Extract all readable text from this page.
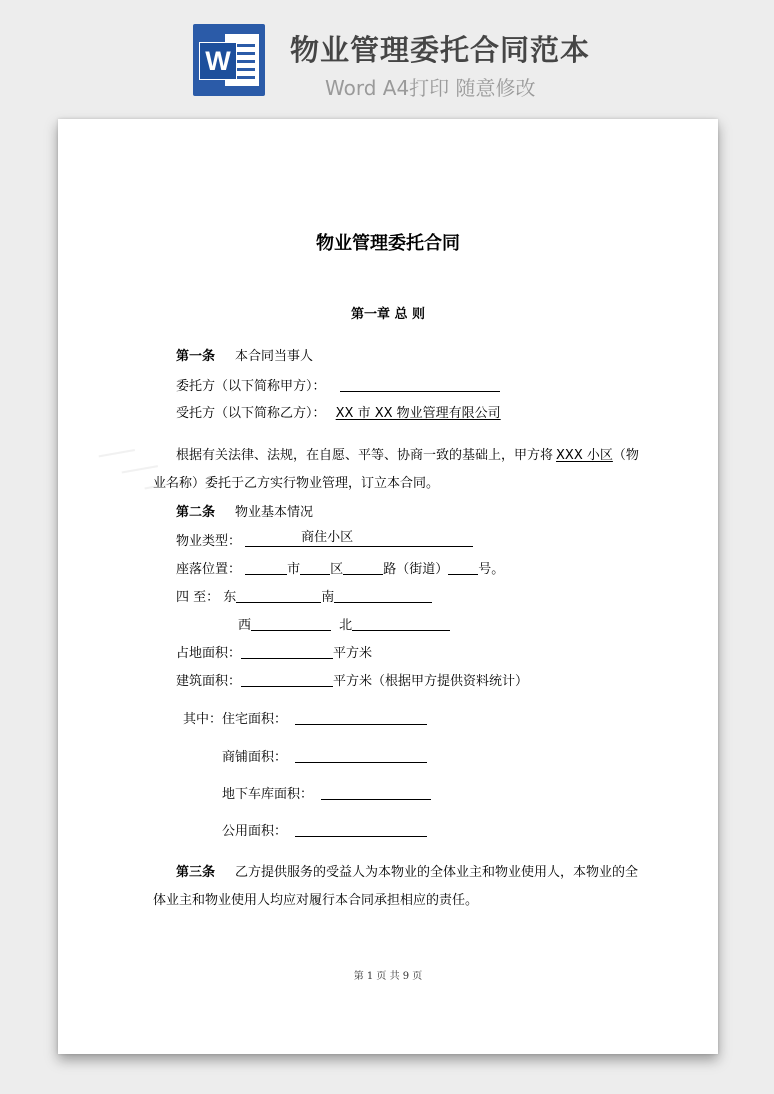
W 物业管理委托合同范本
Word A4打印 随意修改
／／／
物业管理委托合同
第一章 总 则
第一条 本合同当事人
委托方（以下简称甲方）：
受托方（以下简称乙方）： XX 市 XX 物业管理有限公司
根据有关法律、法规，在自愿、平等、协商一致的基础上，甲方将 XXX 小区（物
业名称）委托于乙方实行物业管理，订立本合同。
第二条 物业基本情况
物业类型：	商住小区
座落位置：	市 区	路（街道） 号。
四 至： 东	南
西	北
占地面积：	平方米
建筑面积：	平方米（根据甲方提供资料统计）
其中：住宅面积：
商铺面积：
地下车库面积：
公用面积：
第三条 乙方提供服务的受益人为本物业的全体业主和物业使用人，本物业的全
体业主和物业使用人均应对履行本合同承担相应的责任。
第 1 页 共 9 页
